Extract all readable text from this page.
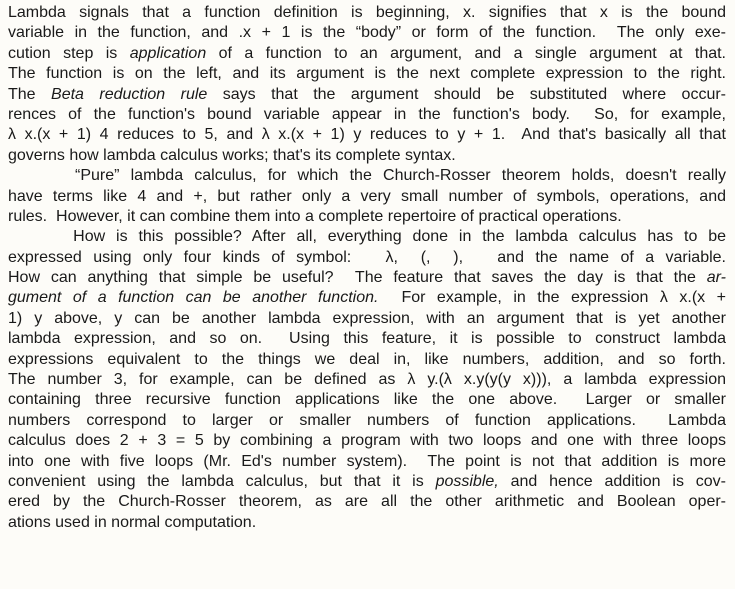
Lambda signals that a function definition is beginning, x. signifies that x is the bound
variable in the function, and .x + 1 is the “body” or form of the function.  The only exe-
cution step is application of a function to an argument, and a single argument at that.
The function is on the left, and its argument is the next complete expression to the right.
The Beta reduction rule says that the argument should be substituted where occur-
rences of the function's bound variable appear in the function's body.  So, for example,
λ x.(x + 1) 4 reduces to 5, and λ x.(x + 1) y reduces to y + 1.  And that's basically all that
governs how lambda calculus works; that's its complete syntax.
“Pure” lambda calculus, for which the Church-Rosser theorem holds, doesn't really
have terms like 4 and +, but rather only a very small number of symbols, operations, and
rules.  However, it can combine them into a complete repertoire of practical operations.
How is this possible? After all, everything done in the lambda calculus has to be
expressed using only four kinds of symbol:   λ,  (,  ),   and the name of a variable.
How can anything that simple be useful?  The feature that saves the day is that the ar-
gument of a function can be another function.  For example, in the expression λ x.(x +
1) y above, y can be another lambda expression, with an argument that is yet another
lambda expression, and so on.  Using this feature, it is possible to construct lambda
expressions equivalent to the things we deal in, like numbers, addition, and so forth.
The number 3, for example, can be defined as λ y.(λ x.y(y(y x))), a lambda expression
containing three recursive function applications like the one above.  Larger or smaller
numbers correspond to larger or smaller numbers of function applications.  Lambda
calculus does 2 + 3 = 5 by combining a program with two loops and one with three loops
into one with five loops (Mr. Ed's number system).  The point is not that addition is more
convenient using the lambda calculus, but that it is possible, and hence addition is cov-
ered by the Church-Rosser theorem, as are all the other arithmetic and Boolean oper-
ations used in normal computation.
